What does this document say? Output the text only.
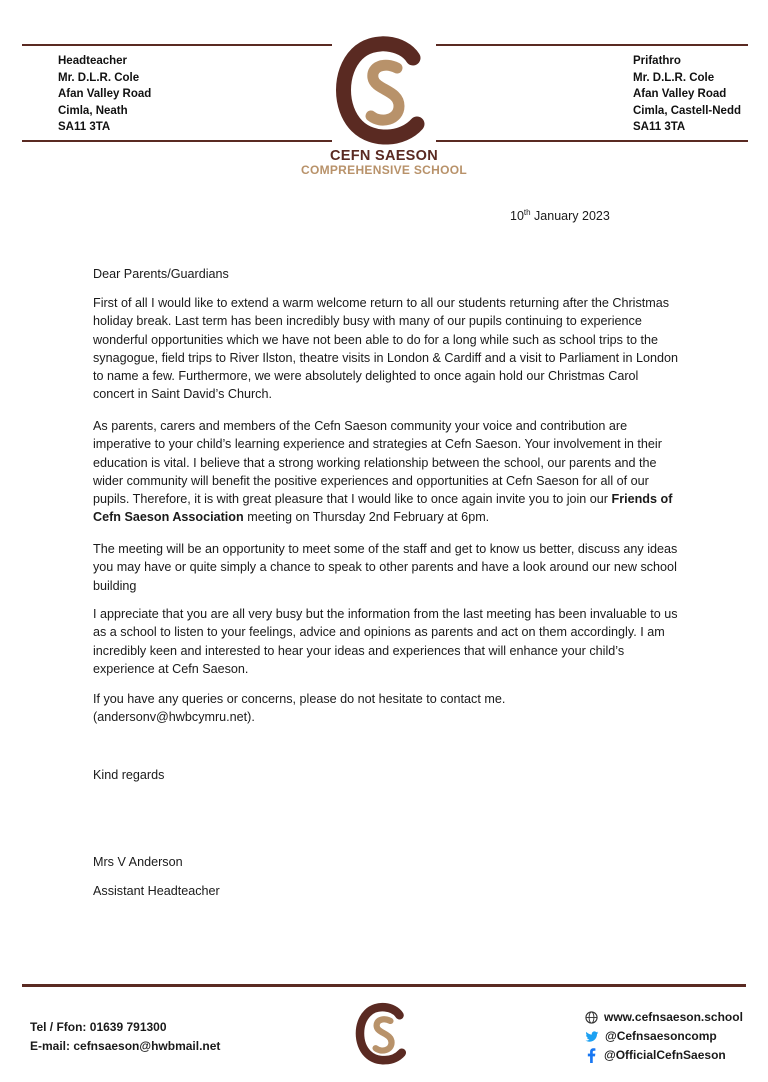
Headteacher
Mr. D.L.R. Cole
Afan Valley Road
Cimla, Neath
SA11 3TA
Prifathro
Mr. D.L.R. Cole
Afan Valley Road
Cimla, Castell-Nedd
SA11 3TA
CEFN SAESON
COMPREHENSIVE SCHOOL
10th January 2023

Dear Parents/Guardians

First of all I would like to extend a warm welcome return to all our students returning after the Christmas holiday break. Last term has been incredibly busy with many of our pupils continuing to experience wonderful opportunities which we have not been able to do for a long while such as school trips to the synagogue, field trips to River Ilston, theatre visits in London & Cardiff and a visit to Parliament in London to name a few. Furthermore, we were absolutely delighted to once again hold our Christmas Carol concert in Saint David’s Church.

As parents, carers and members of the Cefn Saeson community your voice and contribution are imperative to your child’s learning experience and strategies at Cefn Saeson. Your involvement in their education is vital. I believe that a strong working relationship between the school, our parents and the wider community will benefit the positive experiences and opportunities at Cefn Saeson for all of our pupils. Therefore, it is with great pleasure that I would like to once again invite you to join our Friends of Cefn Saeson Association meeting on Thursday 2nd February at 6pm.

The meeting will be an opportunity to meet some of the staff and get to know us better, discuss any ideas you may have or quite simply a chance to speak to other parents and have a look around our new school building

I appreciate that you are all very busy but the information from the last meeting has been invaluable to us as a school to listen to your feelings, advice and opinions as parents and act on them accordingly. I am incredibly keen and interested to hear your ideas and experiences that will enhance your child’s experience at Cefn Saeson.

If you have any queries or concerns, please do not hesitate to contact me.

(andersonv@hwbcymru.net).

Kind regards

Mrs V Anderson

Assistant Headteacher

Tel / Ffon: 01639 791300
E-mail: cefnsaeson@hwbmail.net
www.cefnsaeson.school
@Cefnsaesoncomp
@OfficialCefnSaeson
